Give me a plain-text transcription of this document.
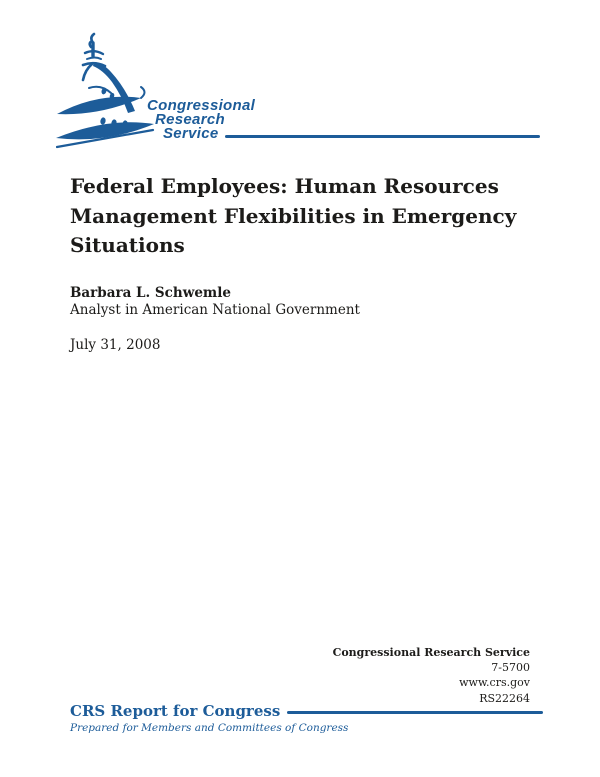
Congressional
Research
Service
Federal Employees: Human Resources
Management Flexibilities in Emergency
Situations
Barbara L. Schwemle
Analyst in American National Government
July 31, 2008
Congressional Research Service
7-5700
www.crs.gov
RS22264
CRS Report for Congress
Prepared for Members and Committees of Congress
